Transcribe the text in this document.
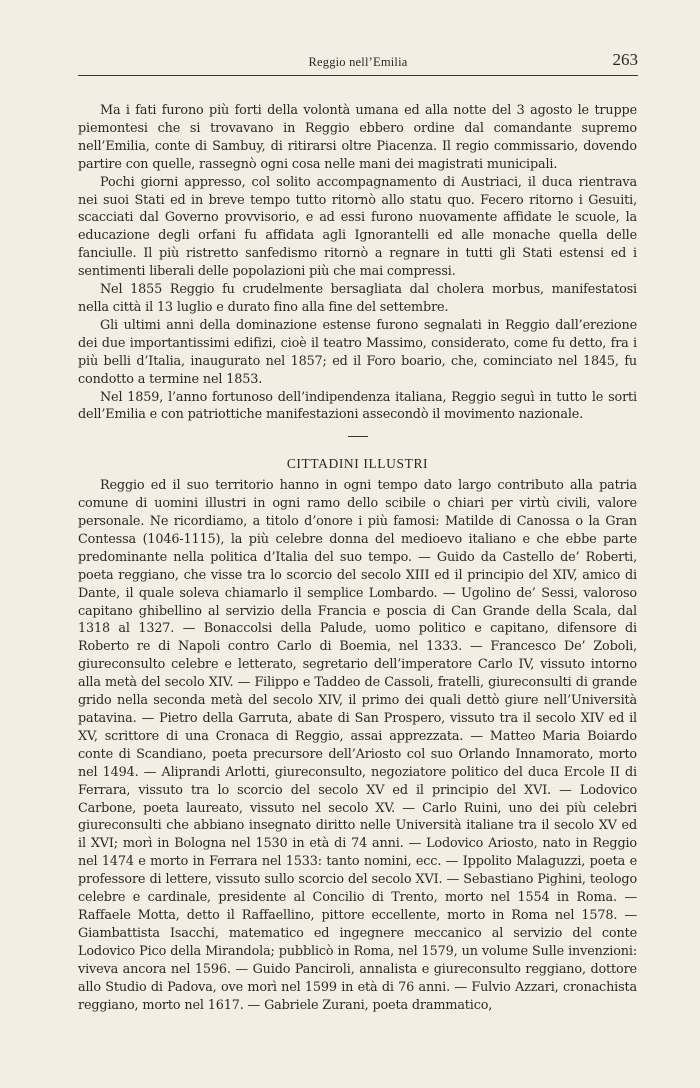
Reggio nell’Emilia	263

Ma i fati furono più forti della volontà umana ed alla notte del 3 agosto le truppe piemontesi che si trovavano in Reggio ebbero ordine dal comandante supremo nell’Emilia, conte di Sambuy, di ritirarsi oltre Piacenza. Il regio commissario, dovendo partire con quelle, rassegnò ogni cosa nelle mani dei magistrati municipali.

Pochi giorni appresso, col solito accompagnamento di Austriaci, il duca rientrava nei suoi Stati ed in breve tempo tutto ritornò allo statu quo. Fecero ritorno i Gesuiti, scacciati dal Governo provvisorio, e ad essi furono nuovamente affidate le scuole, la educazione degli orfani fu affidata agli Ignorantelli ed alle monache quella delle fanciulle. Il più ristretto sanfedismo ritornò a regnare in tutti gli Stati estensi ed i sentimenti liberali delle popolazioni più che mai compressi.

Nel 1855 Reggio fu crudelmente bersagliata dal cholera morbus, manifestatosi nella città il 13 luglio e durato fino alla fine del settembre.

Gli ultimi anni della dominazione estense furono segnalati in Reggio dall’erezione dei due importantissimi edifizi, cioè il teatro Massimo, considerato, come fu detto, fra i più belli d’Italia, inaugurato nel 1857; ed il Foro boario, che, cominciato nel 1845, fu condotto a termine nel 1853.

Nel 1859, l’anno fortunoso dell’indipendenza italiana, Reggio seguì in tutto le sorti dell’Emilia e con patriottiche manifestazioni assecondò il movimento nazionale.

CITTADINI ILLUSTRI

Reggio ed il suo territorio hanno in ogni tempo dato largo contributo alla patria comune di uomini illustri in ogni ramo dello scibile o chiari per virtù civili, valore personale. Ne ricordiamo, a titolo d’onore i più famosi: Matilde di Canossa o la Gran Contessa (1046-1115), la più celebre donna del medioevo italiano e che ebbe parte predominante nella politica d’Italia del suo tempo. — Guido da Castello de’ Roberti, poeta reggiano, che visse tra lo scorcio del secolo XIII ed il principio del XIV, amico di Dante, il quale soleva chiamarlo il semplice Lombardo. — Ugolino de’ Sessi, valoroso capitano ghibellino al servizio della Francia e poscia di Can Grande della Scala, dal 1318 al 1327. — Bonaccolsi della Palude, uomo politico e capitano, difensore di Roberto re di Napoli contro Carlo di Boemia, nel 1333. — Francesco De’ Zoboli, giureconsulto celebre e letterato, segretario dell’imperatore Carlo IV, vissuto intorno alla metà del secolo XIV. — Filippo e Taddeo de Cassoli, fratelli, giureconsulti di grande grido nella seconda metà del secolo XIV, il primo dei quali dettò giure nell’Università patavina. — Pietro della Garruta, abate di San Prospero, vissuto tra il secolo XIV ed il XV, scrittore di una Cronaca di Reggio, assai apprezzata. — Matteo Maria Boiardo conte di Scandiano, poeta precursore dell’Ariosto col suo Orlando Innamorato, morto nel 1494. — Aliprandi Arlotti, giureconsulto, negoziatore politico del duca Ercole II di Ferrara, vissuto tra lo scorcio del secolo XV ed il principio del XVI. — Lodovico Carbone, poeta laureato, vissuto nel secolo XV. — Carlo Ruini, uno dei più celebri giureconsulti che abbiano insegnato diritto nelle Università italiane tra il secolo XV ed il XVI; morì in Bologna nel 1530 in età di 74 anni. — Lodovico Ariosto, nato in Reggio nel 1474 e morto in Ferrara nel 1533: tanto nomini, ecc. — Ippolito Malaguzzi, poeta e professore di lettere, vissuto sullo scorcio del secolo XVI. — Sebastiano Pighini, teologo celebre e cardinale, presidente al Concilio di Trento, morto nel 1554 in Roma. — Raffaele Motta, detto il Raffaellino, pittore eccellente, morto in Roma nel 1578. — Giambattista Isacchi, matematico ed ingegnere meccanico al servizio del conte Lodovico Pico della Mirandola; pubblicò in Roma, nel 1579, un volume Sulle invenzioni: viveva ancora nel 1596. — Guido Panciroli, annalista e giureconsulto reggiano, dottore allo Studio di Padova, ove morì nel 1599 in età di 76 anni. — Fulvio Azzari, cronachista reggiano, morto nel 1617. — Gabriele Zurani, poeta drammatico,
